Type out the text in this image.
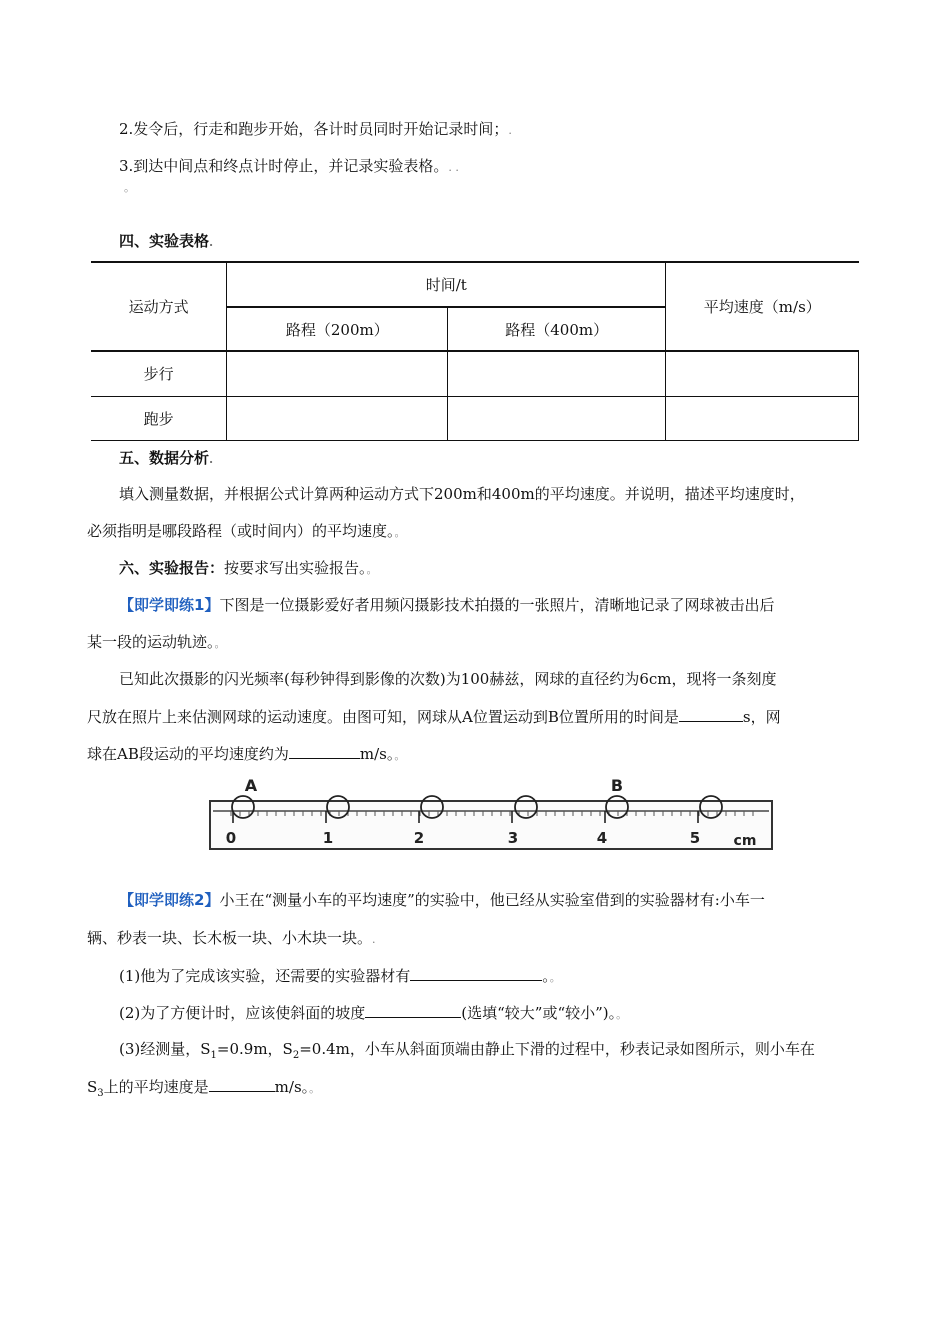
2.发令后，行走和跑步开始，各计时员同时开始记录时间；.
3.到达中间点和终点计时停止，并记录实验表格。. .
。
四、实验表格.
运动方式	时间/t		平均速度（m/s）
	路程（200m）	路程（400m）	
步行			
跑步			
五、数据分析.
填入测量数据，并根据公式计算两种运动方式下200m和400m的平均速度。并说明，描述平均速度时，
必须指明是哪段路程（或时间内）的平均速度。。
六、实验报告：按要求写出实验报告。。
【即学即练1】下图是一位摄影爱好者用频闪摄影技术拍摄的一张照片，清晰地记录了网球被击出后
某一段的运动轨迹。。
已知此次摄影的闪光频率(每秒钟得到影像的次数)为100赫兹，网球的直径约为6cm，现将一条刻度
尺放在照片上来估测网球的运动速度。由图可知，网球从A位置运动到B位置所用的时间是	s，网
球在AB段运动的平均速度约为	m/s。。
A	B
0	1	2	3	4	5 cm
【即学即练2】小王在“测量小车的平均速度”的实验中，他已经从实验室借到的实验器材有:小车一
辆、秒表一块、长木板一块、小木块一块。.
(1)他为了完成该实验，还需要的实验器材有	。。
(2)为了方便计时，应该使斜面的坡度	(选填“较大”或“较小”)。。
(3)经测量，$S_1=0.9m$，$S_2=0.4m$，小车从斜面顶端由静止下滑的过程中，秒表记录如图所示，则小车在
$S_3$上的平均速度是	m/s。。
